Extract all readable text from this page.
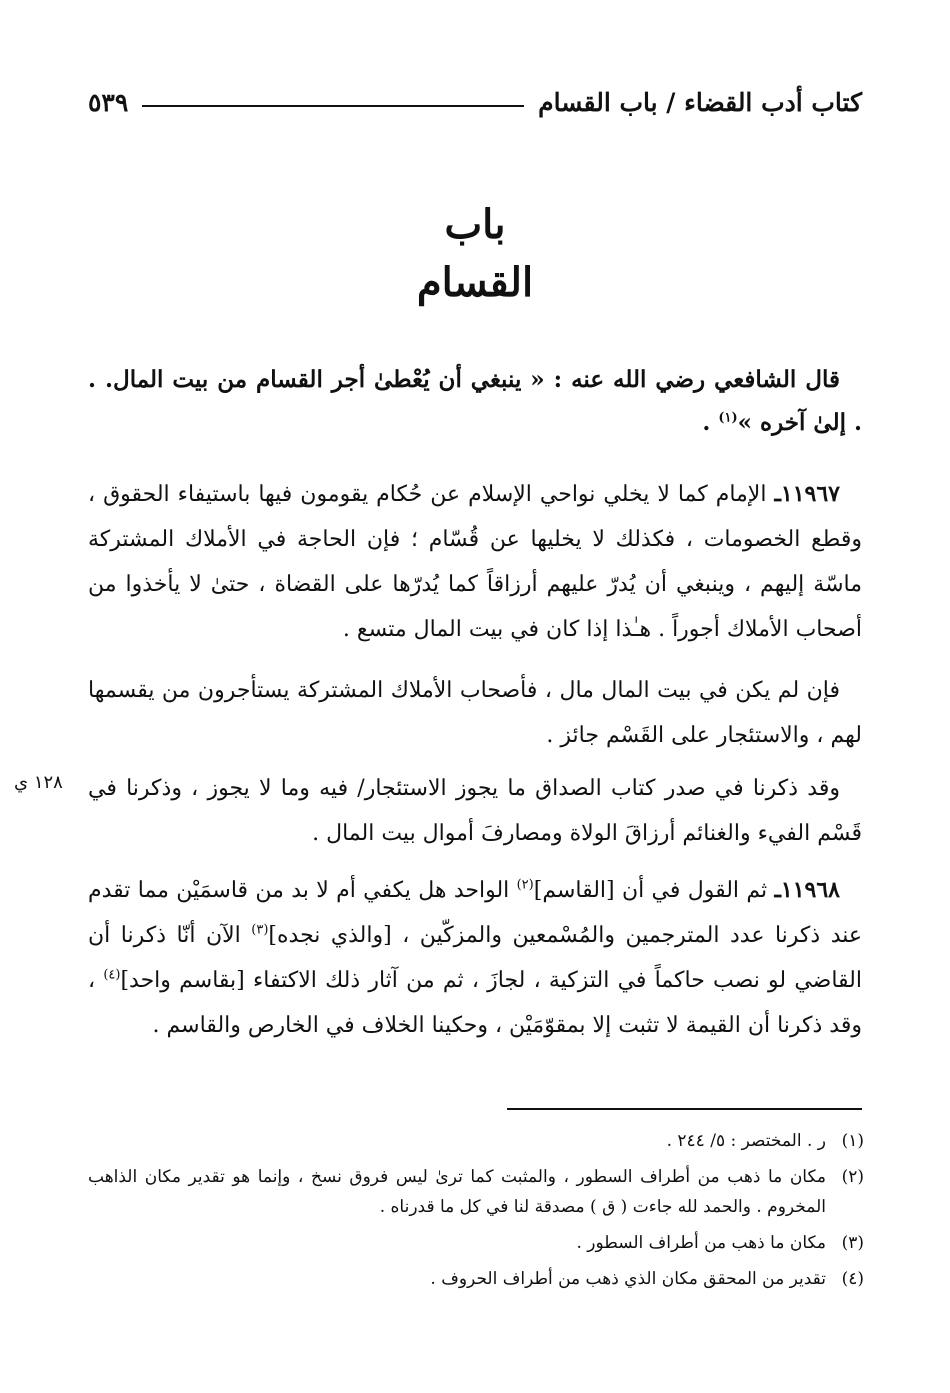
كتاب أدب القضاء / باب القسام
٥٣٩
باب
القسام
قال الشافعي رضي الله عنه : « ينبغي أن يُعْطىٰ أجر القسام من بيت المال. . . إلىٰ آخره »$^{(١)}$ .
١١٩٦٧ـ الإمام كما لا يخلي نواحي الإسلام عن حُكام يقومون فيها باستيفاء الحقوق ، وقطع الخصومات ، فكذلك لا يخليها عن قُسّام ؛ فإن الحاجة في الأملاك المشتركة ماسّة إليهم ، وينبغي أن يُدرّ عليهم أرزاقاً كما يُدرّها على القضاة ، حتىٰ لا يأخذوا من أصحاب الأملاك أجوراً . هـٰذا إذا كان في بيت المال متسع .
فإن لم يكن في بيت المال مال ، فأصحاب الأملاك المشتركة يستأجرون من يقسمها لهم ، والاستئجار على القَسْم جائز .
وقد ذكرنا في صدر كتاب الصداق ما يجوز الاستئجار/ فيه وما لا يجوز ، وذكرنا في قَسْم الفيء والغنائم أرزاقَ الولاة ومصارفَ أموال بيت المال .
١٢٨ ي
١١٩٦٨ـ ثم القول في أن [القاسم]$^{(٢)}$ الواحد هل يكفي أم لا بد من قاسمَيْن مما تقدم عند ذكرنا عدد المترجمين والمُسْمعين والمزكّين ، [والذي نجده]$^{(٣)}$ الآن أنّا ذكرنا أن القاضي لو نصب حاكماً في التزكية ، لجازَ ، ثم من آثار ذلك الاكتفاء [بقاسم واحد]$^{(٤)}$ ، وقد ذكرنا أن القيمة لا تثبت إلا بمقوّمَيْن ، وحكينا الخلاف في الخارص والقاسم .
(١)
ر . المختصر : ٥/ ٢٤٤ .
(٢)
مكان ما ذهب من أطراف السطور ، والمثبت كما ترىٰ ليس فروق نسخ ، وإنما هو تقدير مكان الذاهب المخروم . والحمد لله جاءت ( ق ) مصدقة لنا في كل ما قدرناه .
(٣)
مكان ما ذهب من أطراف السطور .
(٤)
تقدير من المحقق مكان الذي ذهب من أطراف الحروف .
